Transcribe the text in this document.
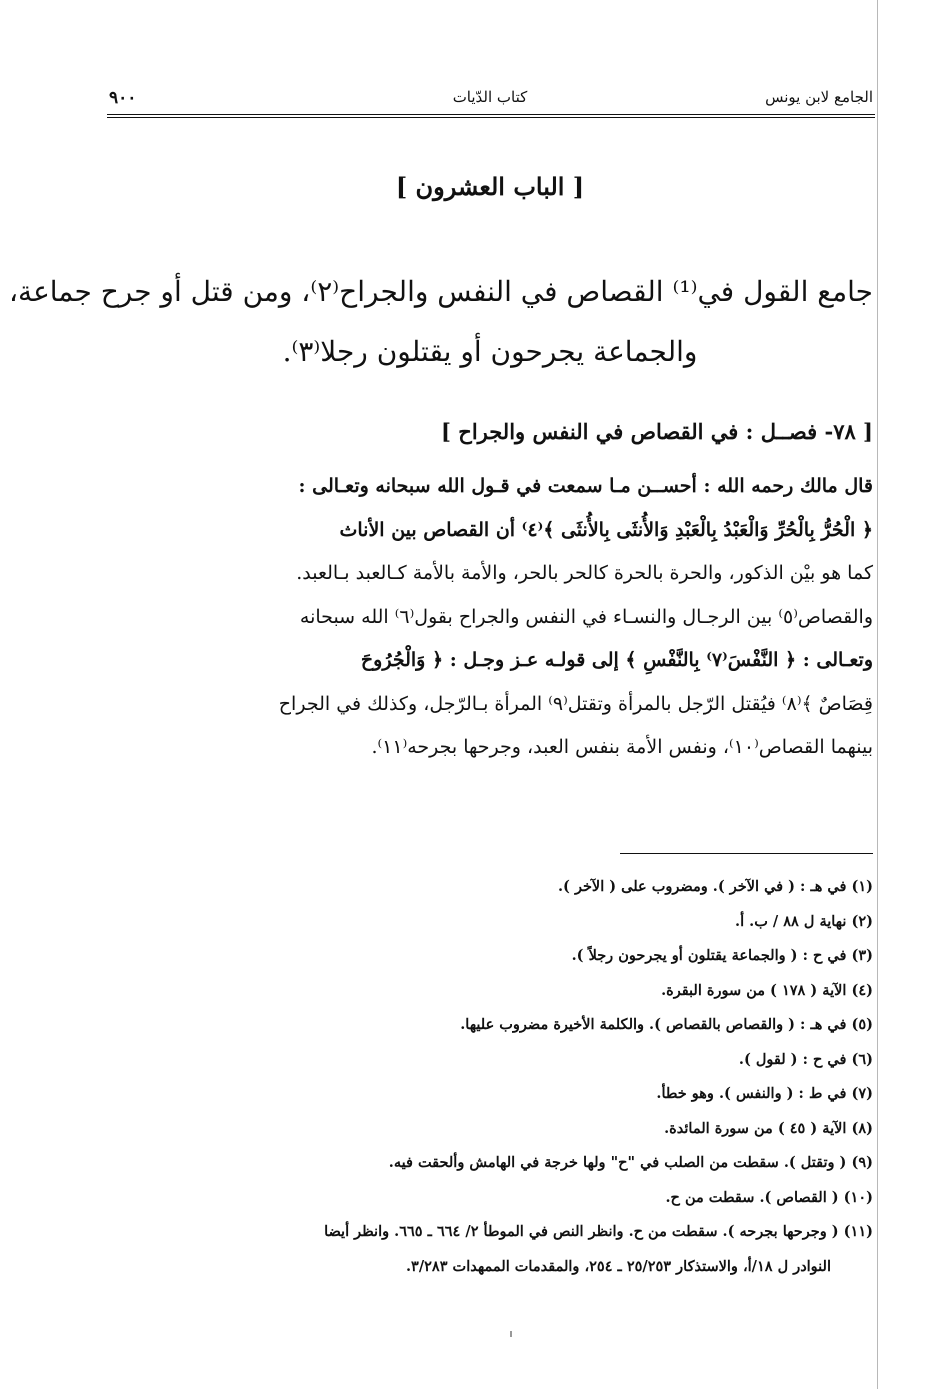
الجامع لابن يونس
كتاب الدّيات
٩٠٠
[ الباب العشرون ]
جامع القول في⁽¹⁾ القصاص في النفس والجراح⁽٢⁾، ومن قتل أو جرح جماعة،
والجماعة يجرحون أو يقتلون رجلا⁽٣⁾.
[ ٧٨- فصــل : في القصاص في النفس والجراح ]
قال مالك رحمه الله : أحســن مـا سمعت في قـول الله سبحانه وتعـالى :
﴿ الْحُرُّ بِالْحُرِّ وَالْعَبْدُ بِالْعَبْدِ وَالأُنثَى بِالأُنثَى ﴾⁽٤⁾ أن القصاص بين الأناث
كما هو بيْن الذكور، والحرة بالحرة كالحر بالحر، والأمة بالأمة كـالعبد بـالعبد.
والقصاص⁽٥⁾ بين الرجـال والنسـاء في النفس والجراح بقول⁽٦⁾ الله سبحانه
وتعـالى : ﴿ النَّفْسَ⁽٧⁾ بِالنَّفْسِ ﴾ إلى قولـه عـز وجـل : ﴿ وَالْجُرُوحَ
قِصَاصٌ ﴾⁽٨⁾ فيُقتل الرّجل بالمرأة وتقتل⁽٩⁾ المرأة بـالرّجل، وكذلك في الجراح
بينهما القصاص⁽١٠⁾، ونفس الأمة بنفس العبد، وجرحها بجرحه⁽١١⁾.
(١) في هـ : ( في الآخر ). ومضروب على ( الآخر ).
(٢) نهاية ل ٨٨ / ب. أ.
(٣) في ح : ( والجماعة يقتلون أو يجرحون رجلاً ).
(٤) الآية ( ١٧٨ ) من سورة البقرة.
(٥) في هـ : ( والقصاص بالقصاص ). والكلمة الأخيرة مضروب عليها.
(٦) في ح : ( لقول ).
(٧) في ط : ( والنفس ). وهو خطأ.
(٨) الآية ( ٤٥ ) من سورة المائدة.
(٩) ( وتقتل ). سقطت من الصلب في "ح" ولها خرجة في الهامش وألحقت فيه.
(١٠) ( القصاص ). سقطت من ح.
(١١) ( وجرحها بجرحه ). سقطت من ح. وانظر النص في الموطأ ٢/ ٦٦٤ ـ ٦٦٥. وانظر أيضا
النوادر ل ١٨/أ، والاستذكار ٢٥/٢٥٣ ـ ٢٥٤، والمقدمات الممهدات ٣/٢٨٣.
